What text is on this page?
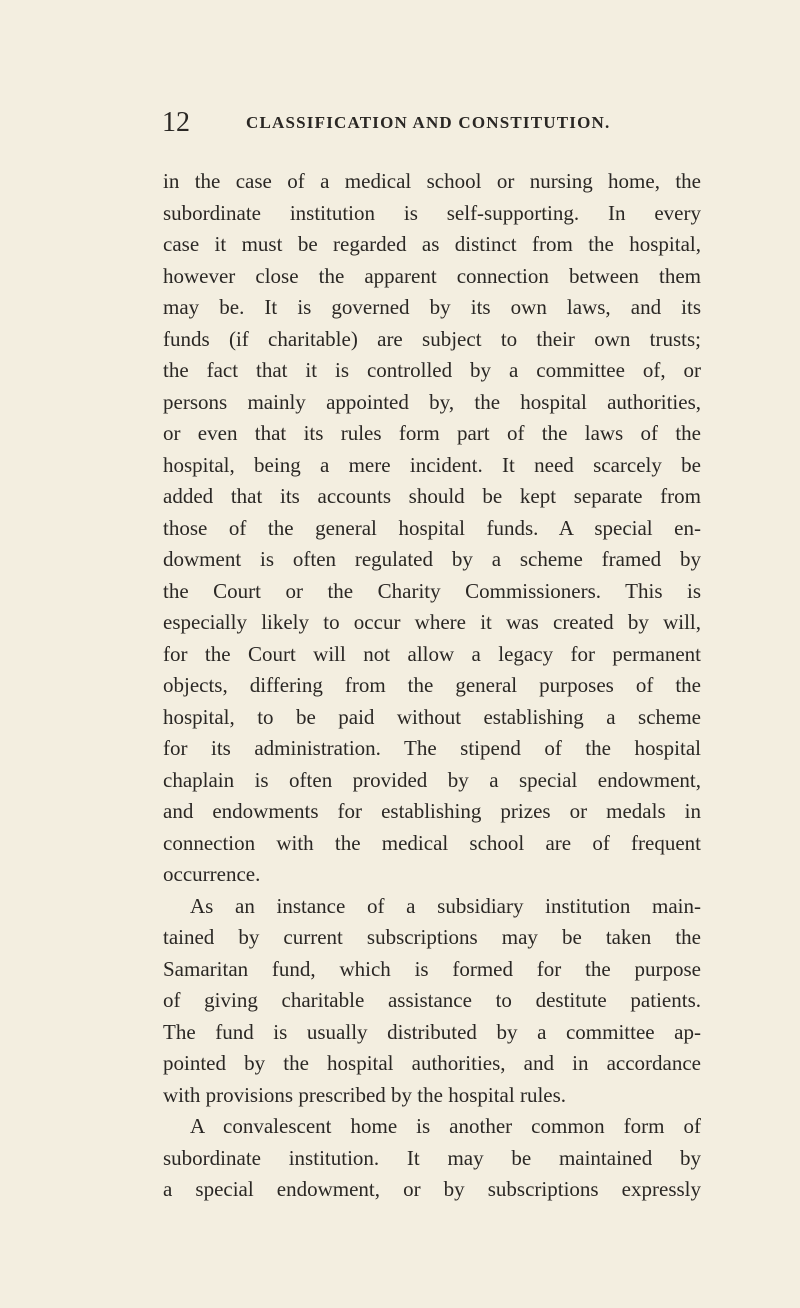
12	CLASSIFICATION AND CONSTITUTION.
in the case of a medical school or nursing home, the
subordinate institution is self-supporting. In every
case it must be regarded as distinct from the hospital,
however close the apparent connection between them
may be. It is governed by its own laws, and its
funds (if charitable) are subject to their own trusts;
the fact that it is controlled by a committee of, or
persons mainly appointed by, the hospital authorities,
or even that its rules form part of the laws of the
hospital, being a mere incident. It need scarcely be
added that its accounts should be kept separate from
those of the general hospital funds. A special en-
dowment is often regulated by a scheme framed by
the Court or the Charity Commissioners. This is
especially likely to occur where it was created by will,
for the Court will not allow a legacy for permanent
objects, differing from the general purposes of the
hospital, to be paid without establishing a scheme
for its administration. The stipend of the hospital
chaplain is often provided by a special endowment,
and endowments for establishing prizes or medals in
connection with the medical school are of frequent
occurrence.
As an instance of a subsidiary institution main-
tained by current subscriptions may be taken the
Samaritan fund, which is formed for the purpose
of giving charitable assistance to destitute patients.
The fund is usually distributed by a committee ap-
pointed by the hospital authorities, and in accordance
with provisions prescribed by the hospital rules.
A convalescent home is another common form of
subordinate institution. It may be maintained by
a special endowment, or by subscriptions expressly
